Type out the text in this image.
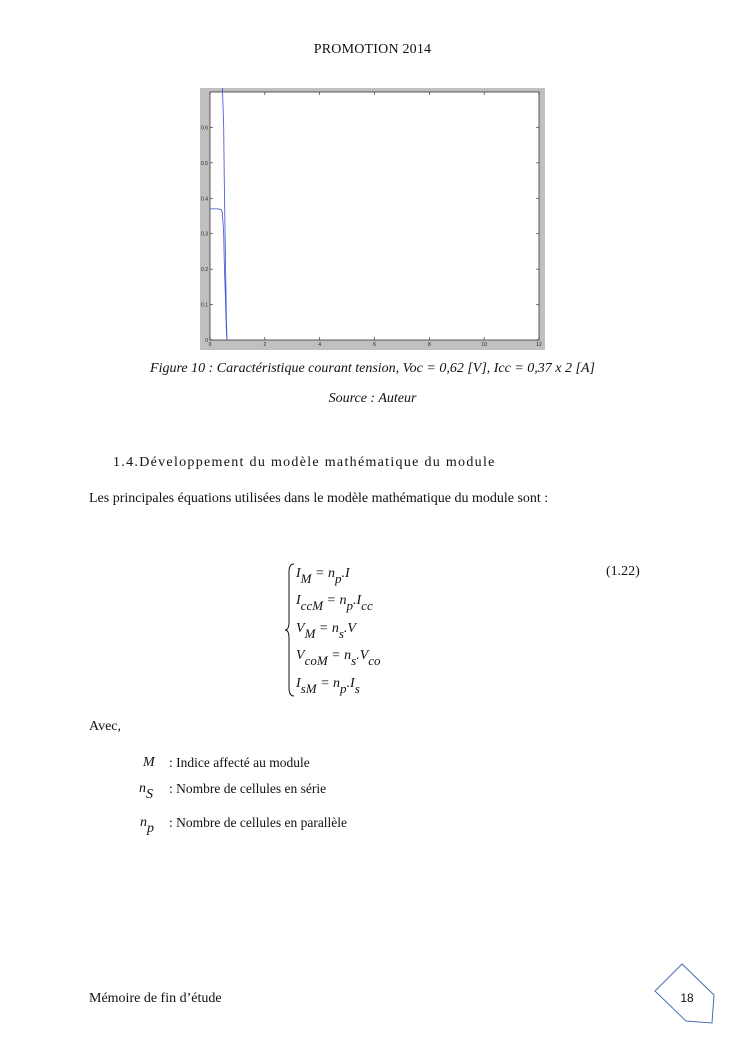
PROMOTION 2014
0	2	4	6	8	10	12
0
0.1
0.2
0.3
0.4
0.5
0.6
Figure 10 : Caractéristique courant tension, Voc = 0,62 [V], Icc = 0,37 x 2 [A]
Source : Auteur
1.4.Développement du modèle mathématique du module
Les principales équations utilisées dans le modèle mathématique du module sont :
(1.22)
$I_M = n_p.I$
$I_{ccM} = n_p.I_{cc}$
$V_M = n_s.V$
$V_{coM} = n_s.V_{co}$
$I_{sM} = n_p.I_s$
Avec,
M : Indice affecté au module
$n_S$ : Nombre de cellules en série
$n_p$ : Nombre de cellules en parallèle
Mémoire de fin d’étude	18
